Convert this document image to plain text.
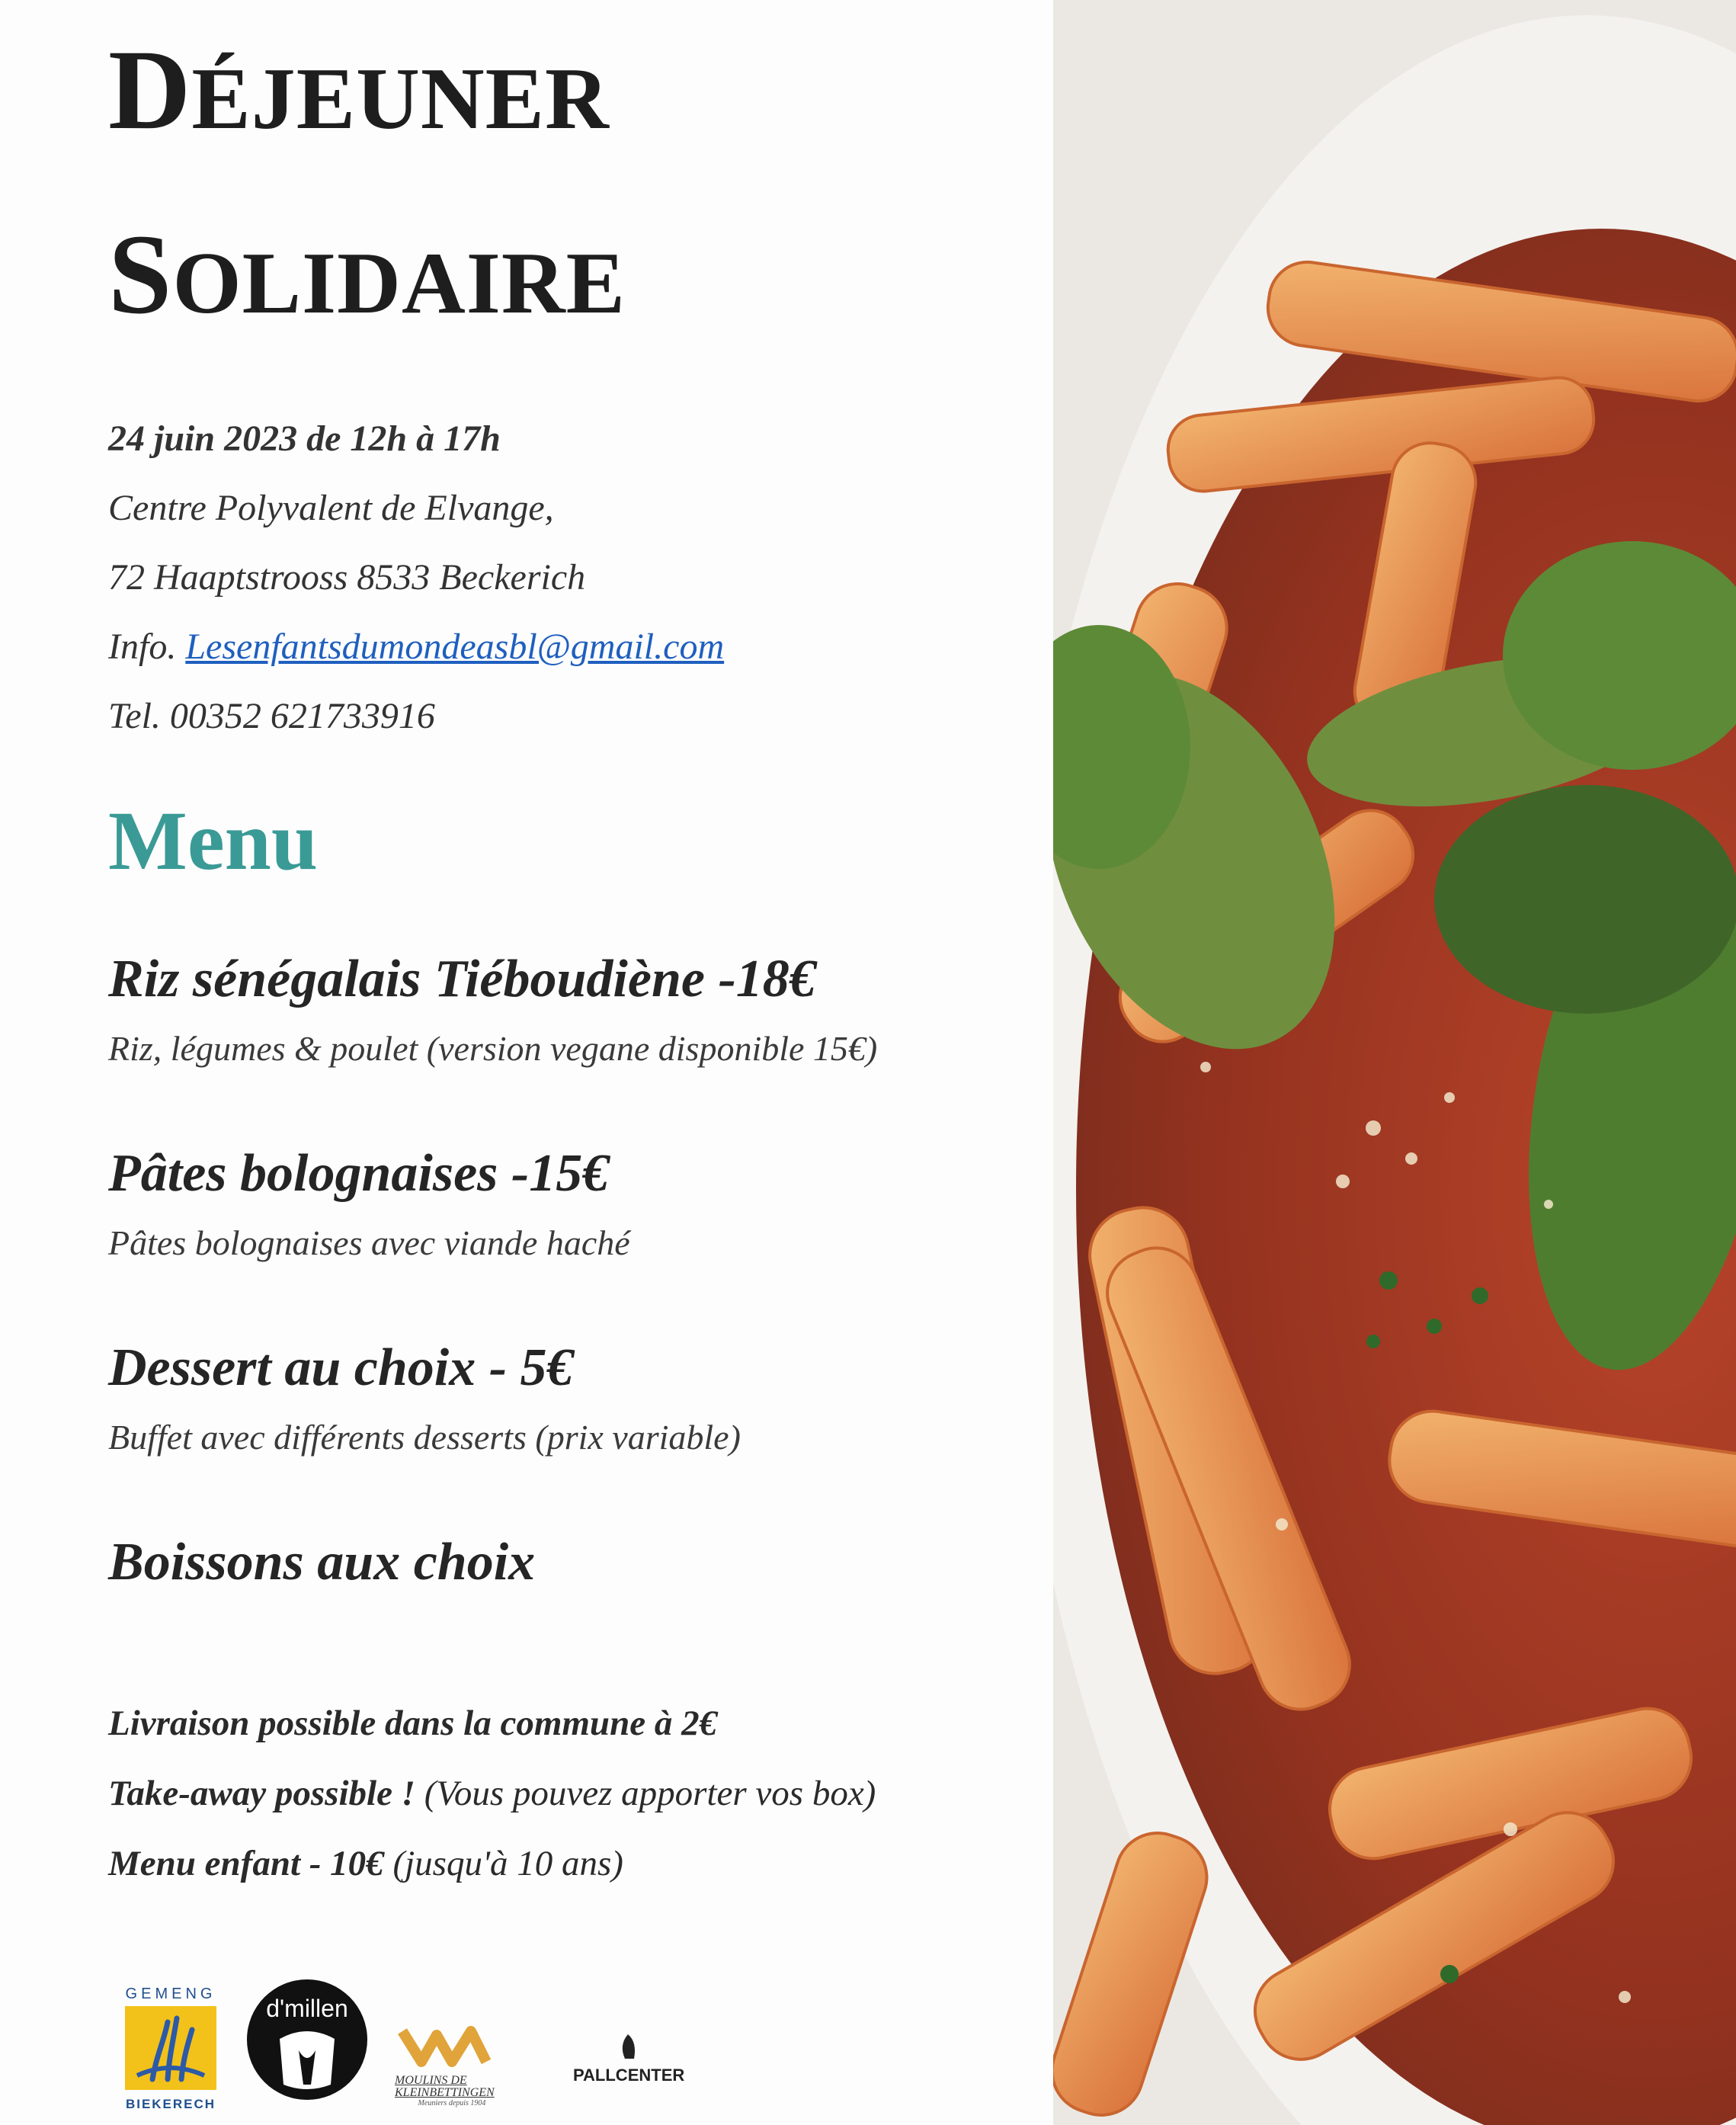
DÉJEUNER
SOLIDAIRE
24 juin 2023 de 12h à 17h
Centre Polyvalent de Elvange,
72 Haaptstrooss 8533 Beckerich
Info. Lesenfantsdumondeasbl@gmail.com
Tel. 00352 621733916
Menu
Riz sénégalais Tiéboudiène -18€
Riz, légumes & poulet (version vegane disponible 15€)
Pâtes bolognaises -15€
Pâtes bolognaises avec viande haché
Dessert au choix - 5€
Buffet avec différents desserts (prix variable)
Boissons aux choix
Livraison possible dans la commune à 2€
Take-away possible ! (Vous pouvez apporter vos box)
Menu enfant - 10€ (jusqu'à 10 ans)
GEMENG
BIEKERECH
d'millen
MOULINS DE KLEINBETTINGEN
Meuniers depuis 1904
PALLCENTER
